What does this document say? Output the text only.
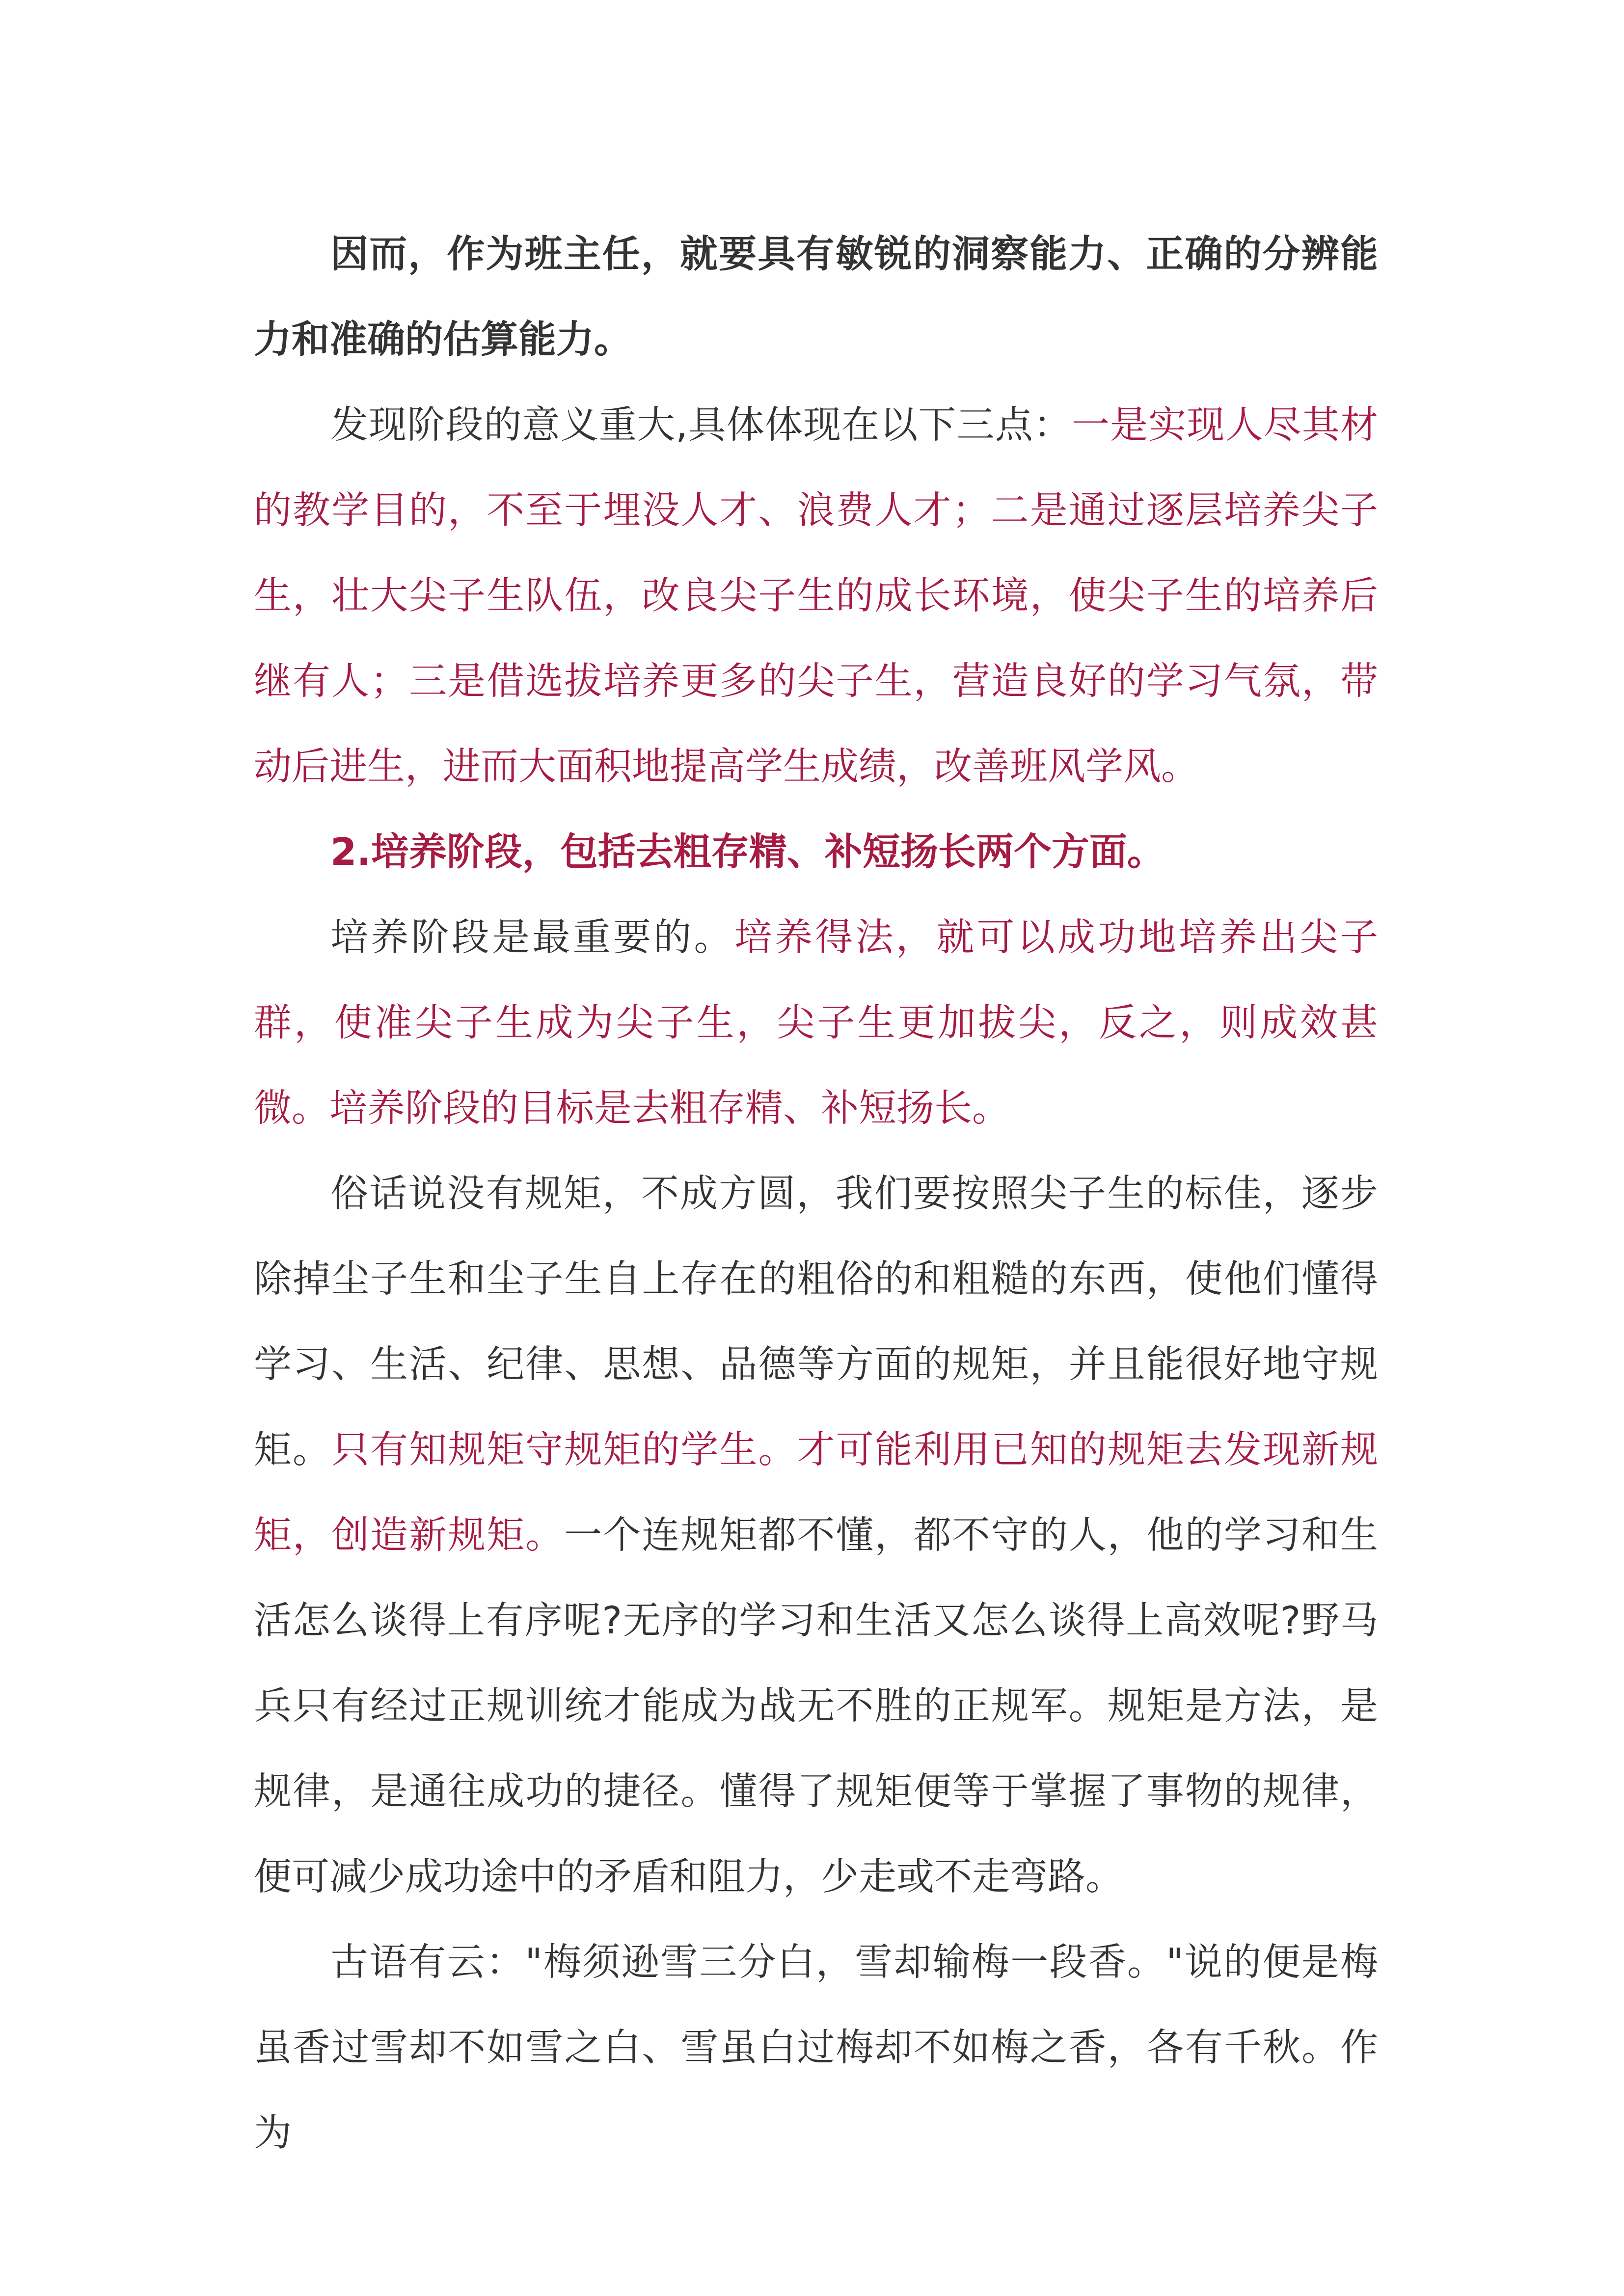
因而，作为班主任，就要具有敏锐的洞察能力、正确的分辨能力和准确的估算能力。

发现阶段的意义重大,具体体现在以下三点：一是实现人尽其材的教学目的，不至于埋没人才、浪费人才；二是通过逐层培养尖子生，壮大尖子生队伍，改良尖子生的成长环境，使尖子生的培养后继有人；三是借选拔培养更多的尖子生，营造良好的学习气氛，带动后进生，进而大面积地提高学生成绩，改善班风学风。

2.培养阶段，包括去粗存精、补短扬长两个方面。

培养阶段是最重要的。培养得法，就可以成功地培养出尖子群，使准尖子生成为尖子生，尖子生更加拔尖，反之，则成效甚微。培养阶段的目标是去粗存精、补短扬长。

俗话说没有规矩，不成方圆，我们要按照尖子生的标佳，逐步除掉尘子生和尘子生自上存在的粗俗的和粗糙的东西，使他们懂得学习、生活、纪律、思想、品德等方面的规矩，并且能很好地守规矩。只有知规矩守规矩的学生。才可能利用已知的规矩去发现新规矩，创造新规矩。一个连规矩都不懂，都不守的人，他的学习和生活怎么谈得上有序呢?无序的学习和生活又怎么谈得上高效呢?野马兵只有经过正规训统才能成为战无不胜的正规军。规矩是方法，是规律，是通往成功的捷径。懂得了规矩便等于掌握了事物的规律，便可减少成功途中的矛盾和阻力，少走或不走弯路。

古语有云："梅须逊雪三分白，雪却输梅一段香。"说的便是梅虽香过雪却不如雪之白、雪虽白过梅却不如梅之香，各有千秋。作为
